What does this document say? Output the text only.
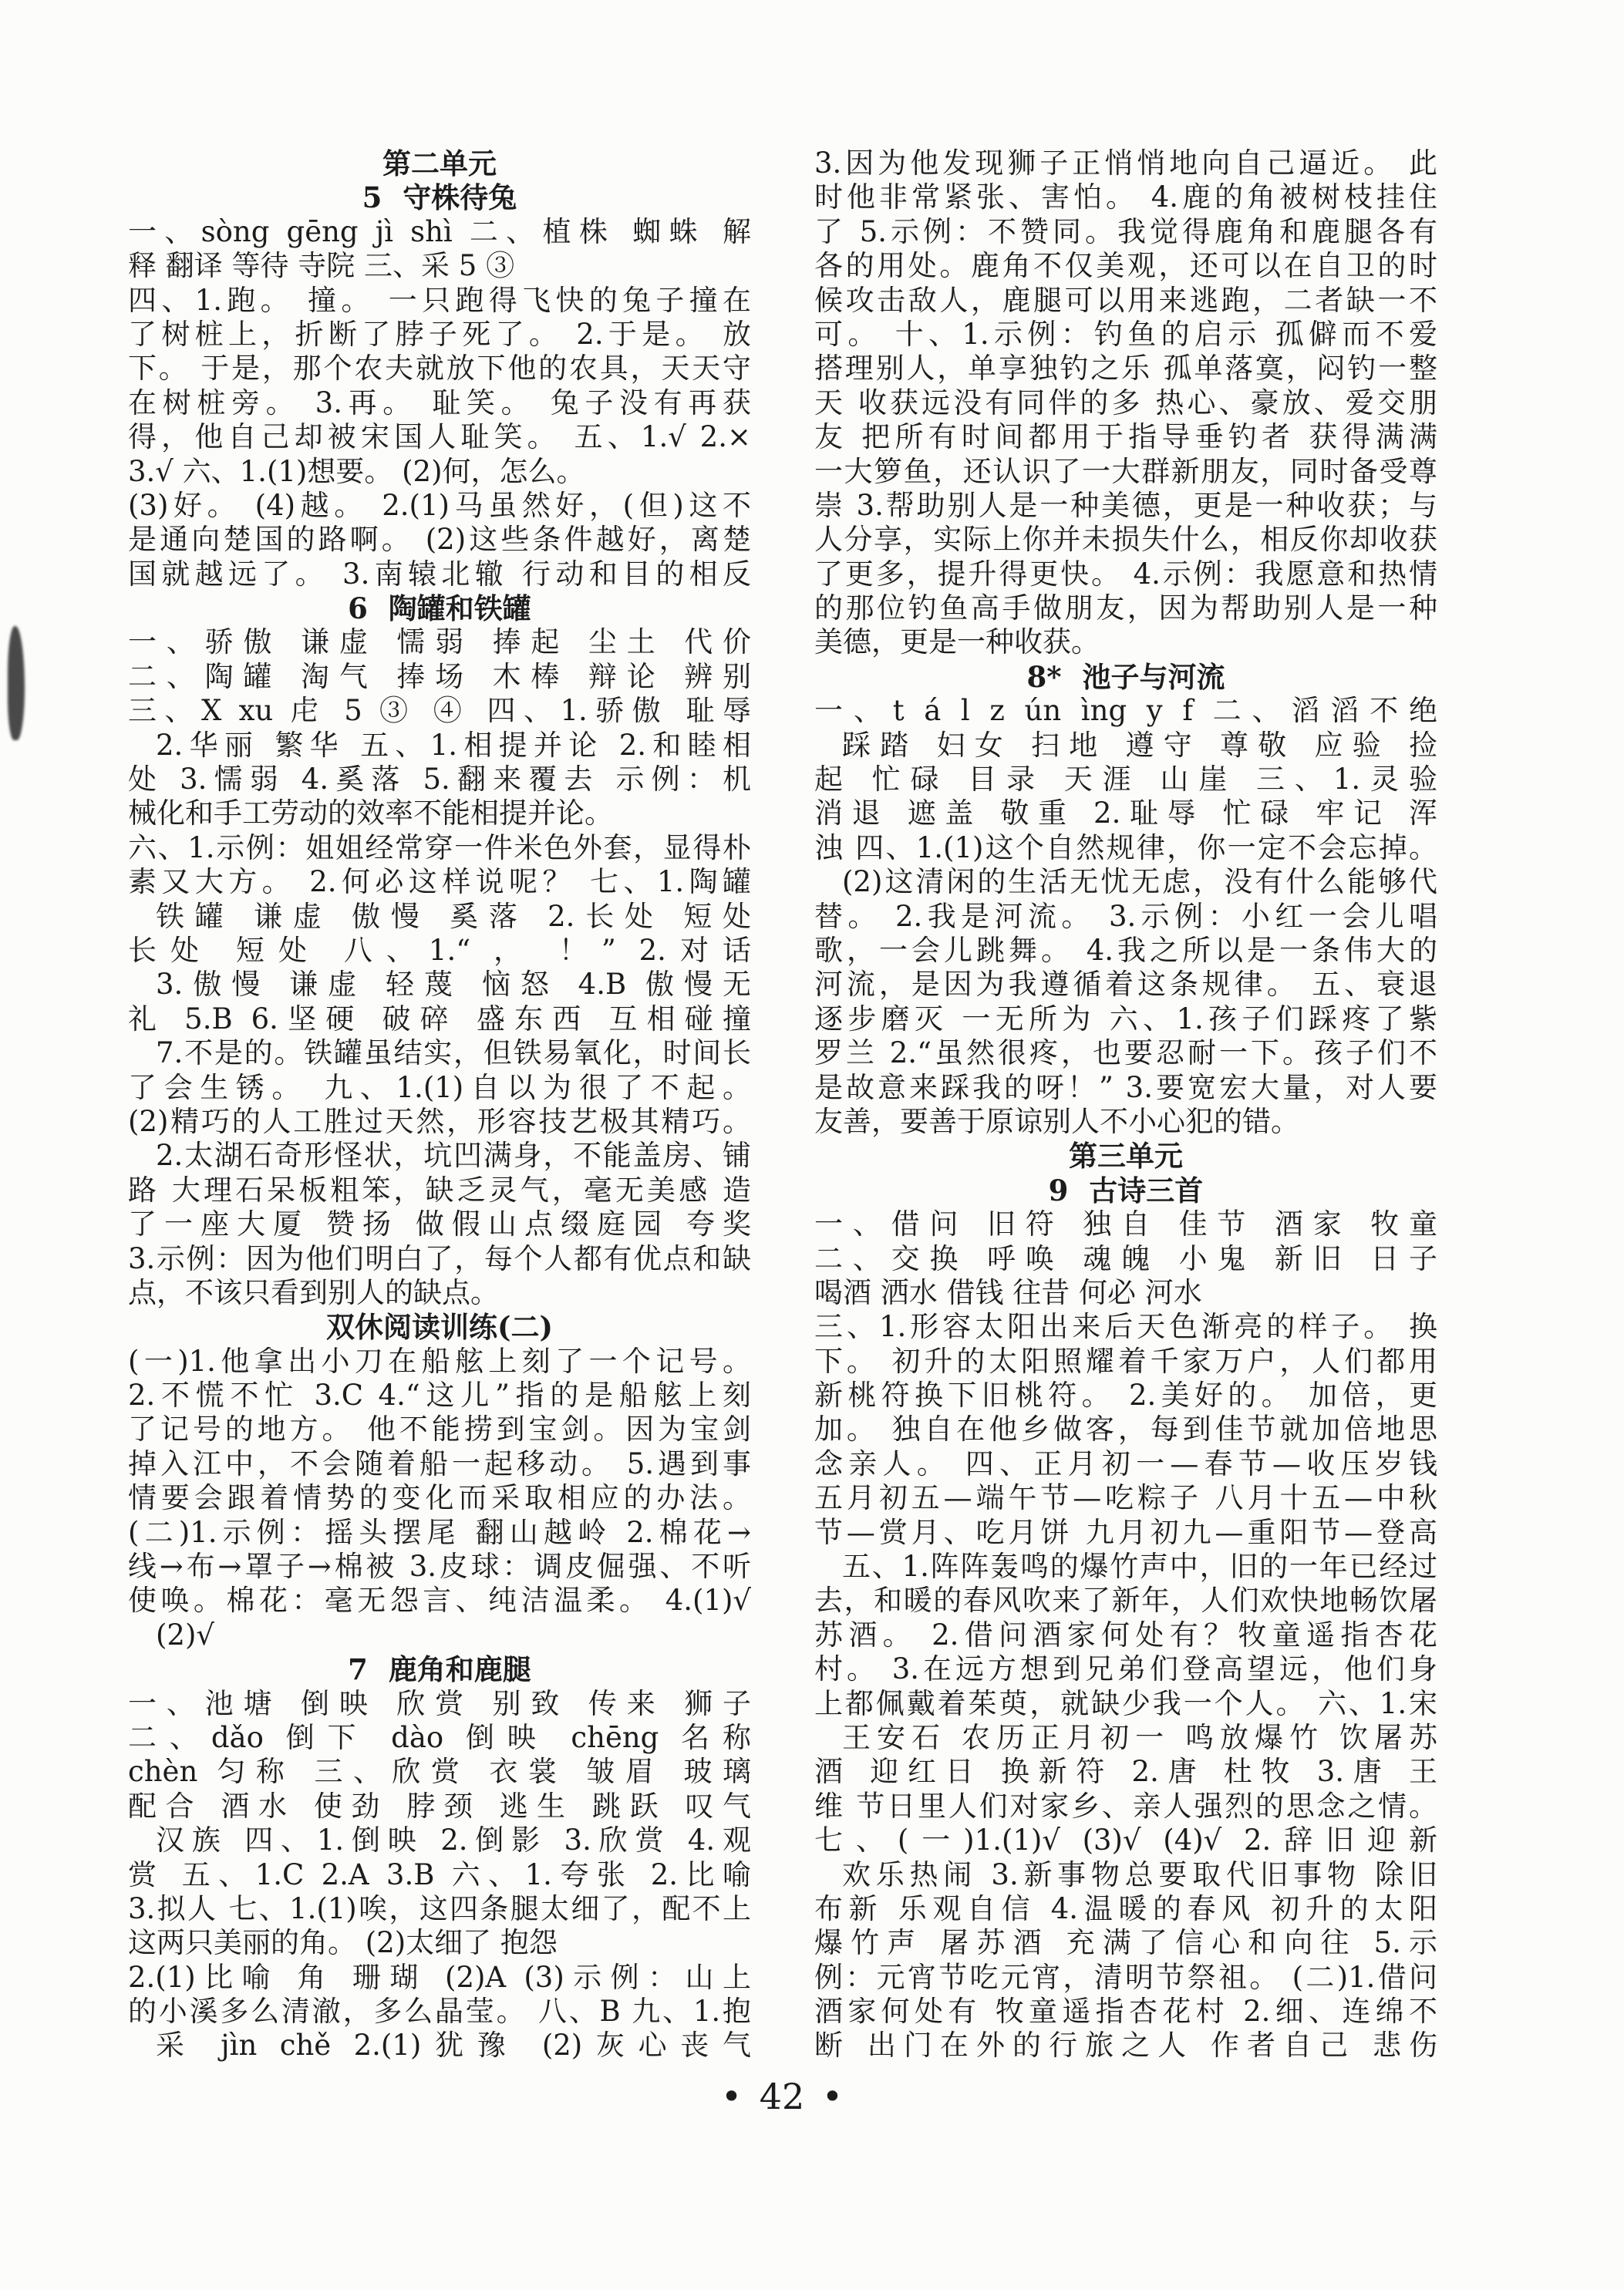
第二单元
5 守株待兔
一、sòng gēng jì shì 二、植株 蜘蛛 解
释 翻译 等待 寺院 三、采 5 ③
四、1.跑。 撞。 一只跑得飞快的兔子撞在
了树桩上，折断了脖子死了。 2.于是。 放
下。 于是，那个农夫就放下他的农具，天天守
在树桩旁。 3.再。 耻笑。 兔子没有再获
得，他自己却被宋国人耻笑。 五、1.√ 2.×
3.√ 六、1.(1)想要。 (2)何，怎么。
(3)好。 (4)越。 2.(1)马虽然好，(但)这不
是通向楚国的路啊。 (2)这些条件越好，离楚
国就越远了。 3.南辕北辙 行动和目的相反
6 陶罐和铁罐
一、骄傲 谦虚 懦弱 捧起 尘土 代价
二、陶罐 淘气 捧场 木棒 辩论 辨别
三、X xu 虍 5 ③ ④ 四、1.骄傲 耻辱
2.华丽 繁华 五、1.相提并论 2.和睦相
处 3.懦弱 4.奚落 5.翻来覆去 示例：机
械化和手工劳动的效率不能相提并论。
六、1.示例：姐姐经常穿一件米色外套，显得朴
素又大方。 2.何必这样说呢？ 七、1.陶罐
铁罐 谦虚 傲慢 奚落 2.长处 短处
长处 短处 八、1.“ ， ！” 2.对话
3.傲慢 谦虚 轻蔑 恼怒 4.B 傲慢无
礼 5.B 6.坚硬 破碎 盛东西 互相碰撞
7.不是的。铁罐虽结实，但铁易氧化，时间长
了会生锈。 九、1.(1)自以为很了不起。
(2)精巧的人工胜过天然，形容技艺极其精巧。
2.太湖石奇形怪状，坑凹满身，不能盖房、铺
路 大理石呆板粗笨，缺乏灵气，毫无美感 造
了一座大厦 赞扬 做假山点缀庭园 夸奖
3.示例：因为他们明白了，每个人都有优点和缺
点，不该只看到别人的缺点。
双休阅读训练(二)
(一)1.他拿出小刀在船舷上刻了一个记号。
2.不慌不忙 3.C 4.“这儿”指的是船舷上刻
了记号的地方。 他不能捞到宝剑。因为宝剑
掉入江中，不会随着船一起移动。 5.遇到事
情要会跟着情势的变化而采取相应的办法。
(二)1.示例：摇头摆尾 翻山越岭 2.棉花→
线→布→罩子→棉被 3.皮球：调皮倔强、不听
使唤。棉花：毫无怨言、纯洁温柔。 4.(1)√
(2)√
7 鹿角和鹿腿
一、池塘 倒映 欣赏 别致 传来 狮子
二、dǎo 倒下 dào 倒映 chēng 名称
chèn 匀称 三、欣赏 衣裳 皱眉 玻璃
配合 酒水 使劲 脖颈 逃生 跳跃 叹气
汉族 四、1.倒映 2.倒影 3.欣赏 4.观
赏 五、1.C 2.A 3.B 六、1.夸张 2.比喻
3.拟人 七、1.(1)唉，这四条腿太细了，配不上
这两只美丽的角。 (2)太细了 抱怨
2.(1)比喻 角 珊瑚 (2)A (3)示例：山上
的小溪多么清澈，多么晶莹。 八、B 九、1.抱
采 jìn chě 2.(1)犹豫 (2)灰心丧气
3.因为他发现狮子正悄悄地向自己逼近。 此
时他非常紧张、害怕。 4.鹿的角被树枝挂住
了 5.示例：不赞同。我觉得鹿角和鹿腿各有
各的用处。鹿角不仅美观，还可以在自卫的时
候攻击敌人，鹿腿可以用来逃跑，二者缺一不
可。 十、1.示例：钓鱼的启示 孤僻而不爱
搭理别人，单享独钓之乐 孤单落寞，闷钓一整
天 收获远没有同伴的多 热心、豪放、爱交朋
友 把所有时间都用于指导垂钓者 获得满满
一大箩鱼，还认识了一大群新朋友，同时备受尊
崇 3.帮助别人是一种美德，更是一种收获；与
人分享，实际上你并未损失什么，相反你却收获
了更多，提升得更快。 4.示例：我愿意和热情
的那位钓鱼高手做朋友，因为帮助别人是一种
美德，更是一种收获。
8* 池子与河流
一、t á l z ún ìng y f 二、滔滔不绝
踩踏 妇女 扫地 遵守 尊敬 应验 捡
起 忙碌 目录 天涯 山崖 三、1.灵验
消退 遮盖 敬重 2.耻辱 忙碌 牢记 浑
浊 四、1.(1)这个自然规律，你一定不会忘掉。
(2)这清闲的生活无忧无虑，没有什么能够代
替。 2.我是河流。 3.示例：小红一会儿唱
歌，一会儿跳舞。 4.我之所以是一条伟大的
河流，是因为我遵循着这条规律。 五、衰退
逐步磨灭 一无所为 六、1.孩子们踩疼了紫
罗兰 2.“虽然很疼，也要忍耐一下。孩子们不
是故意来踩我的呀！” 3.要宽宏大量，对人要
友善，要善于原谅别人不小心犯的错。
第三单元
9 古诗三首
一、借问 旧符 独自 佳节 酒家 牧童
二、交换 呼唤 魂魄 小鬼 新旧 日子
喝酒 洒水 借钱 往昔 何必 河水
三、1.形容太阳出来后天色渐亮的样子。 换
下。 初升的太阳照耀着千家万户，人们都用
新桃符换下旧桃符。 2.美好的。 加倍，更
加。 独自在他乡做客，每到佳节就加倍地思
念亲人。 四、正月初一—春节—收压岁钱
五月初五—端午节—吃粽子 八月十五—中秋
节—赏月、吃月饼 九月初九—重阳节—登高
五、1.阵阵轰鸣的爆竹声中，旧的一年已经过
去，和暖的春风吹来了新年，人们欢快地畅饮屠
苏酒。 2.借问酒家何处有？牧童遥指杏花
村。 3.在远方想到兄弟们登高望远，他们身
上都佩戴着茱萸，就缺少我一个人。 六、1.宋
王安石 农历正月初一 鸣放爆竹 饮屠苏
酒 迎红日 换新符 2.唐 杜牧 3.唐 王
维 节日里人们对家乡、亲人强烈的思念之情。
七、(一)1.(1)√ (3)√ (4)√ 2.辞旧迎新
欢乐热闹 3.新事物总要取代旧事物 除旧
布新 乐观自信 4.温暖的春风 初升的太阳
爆竹声 屠苏酒 充满了信心和向往 5.示
例：元宵节吃元宵，清明节祭祖。 (二)1.借问
酒家何处有 牧童遥指杏花村 2.细、连绵不
断 出门在外的行旅之人 作者自己 悲伤
• 42 •
